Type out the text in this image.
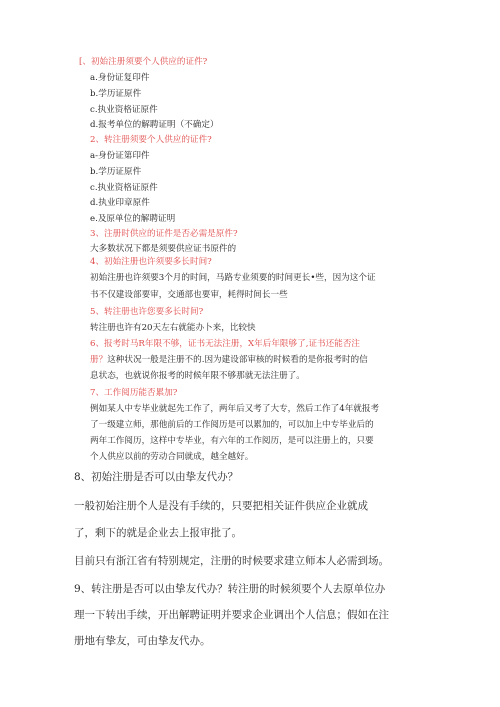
[、初始注册须要个人供应的证件?
a.身份证复印件
b.学历证原件
c.执业资格证原件
d.报考单位的解聘证明（不确定）
2、转注册须要个人供应的证件?
a-身份证第印件
b.学历证原件
c.执业资格证原件
d.执业印章原件
e.及原单位的解聘证明
3、注册时供应的证件是否必需是原件?
大多数状况下都是须要供应证书原件的
4、初始注册也许须要多长时间?
初始注册也许须要3个月的时间，马路专业须要的时间更长•些，因为这个证
书不仅建设部要审，交通部也要审，耗得时间长一些
5、转注册也许您要多长时间?
转注册也许有20天左右就能办卜来，比较快
6、报考时马R年限不够，证书无法注册，X年后年限够了,证书还能否注
册？这种状况一般是注册不的.因为建设部审核的时候看的是你报考时的信
息状态，也就说你报考的时候年限不够那就无法注册了。
7、工作阅历能否累加?
例如某人中专毕业就起先工作了，两年后又考了大专，然后工作了4年就报考
了一级建立师，那他前后的工作阅历是可以累加的，可以加上中专毕业后的
两年工作阅历，这样中专毕业，有六年的工作阅历，是可以注册上的，只要
个人供应以前的劳动合同就成，越全越好。
8、初始注册是否可以由挚友代办？
一般初始注册个人是没有手续的，只要把相关证件供应企业就成
了，剩下的就是企业去上报审批了。
目前只有浙江省有特别规定，注册的时候要求建立师本人必需到场。
9、转注册是否可以由挚友代办？转注册的时候须要个人去原单位办
理一下转出手续，开出解聘证明并要求企业调出个人信息；假如在注
册地有挚友，可由挚友代办。
